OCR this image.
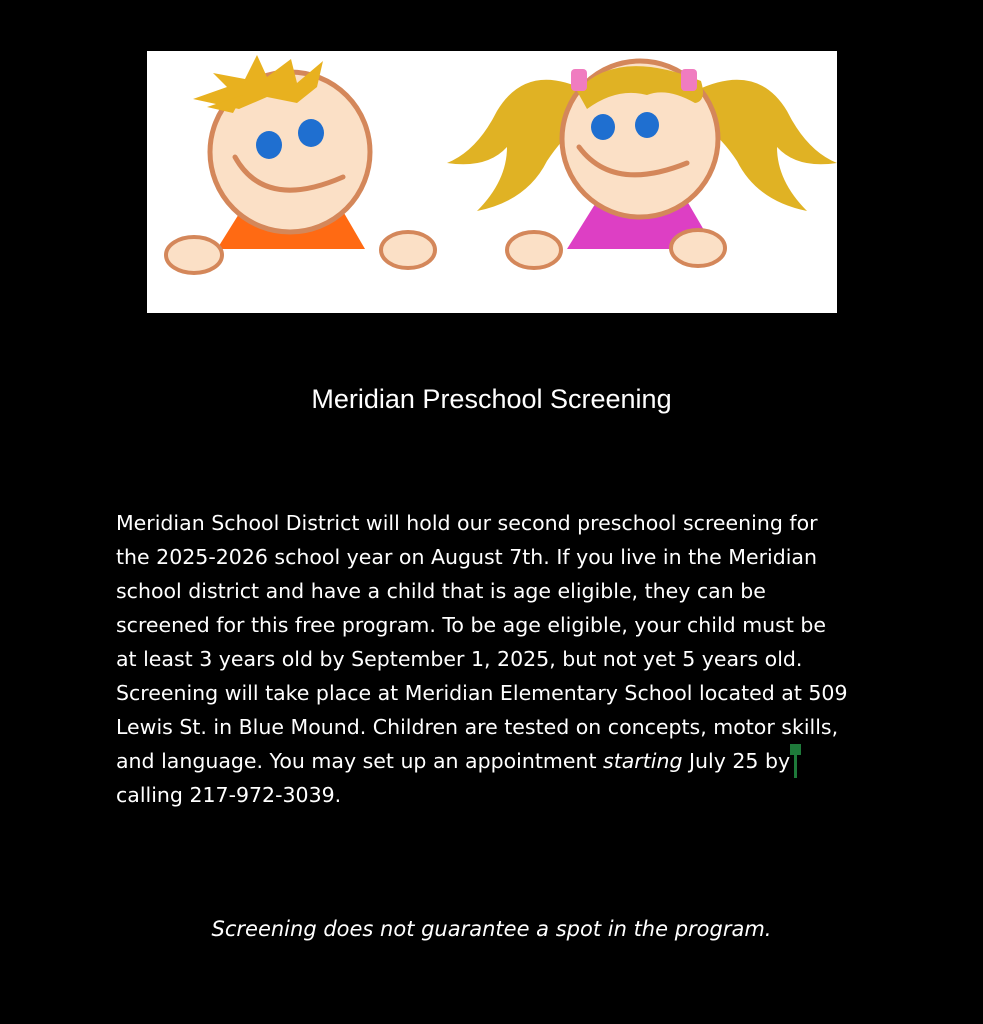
Meridian Preschool Screening
Meridian School District will hold our second preschool screening for
the 2025-2026 school year on August 7th. If you live in the Meridian
school district and have a child that is age eligible, they can be
screened for this free program. To be age eligible, your child must be
at least 3 years old by September 1, 2025, but not yet 5 years old.
Screening will take place at Meridian Elementary School located at 509
Lewis St. in Blue Mound. Children are tested on concepts, motor skills,
and language. You may set up an appointment starting July 25 by
calling 217-972-3039.
Screening does not guarantee a spot in the program.
